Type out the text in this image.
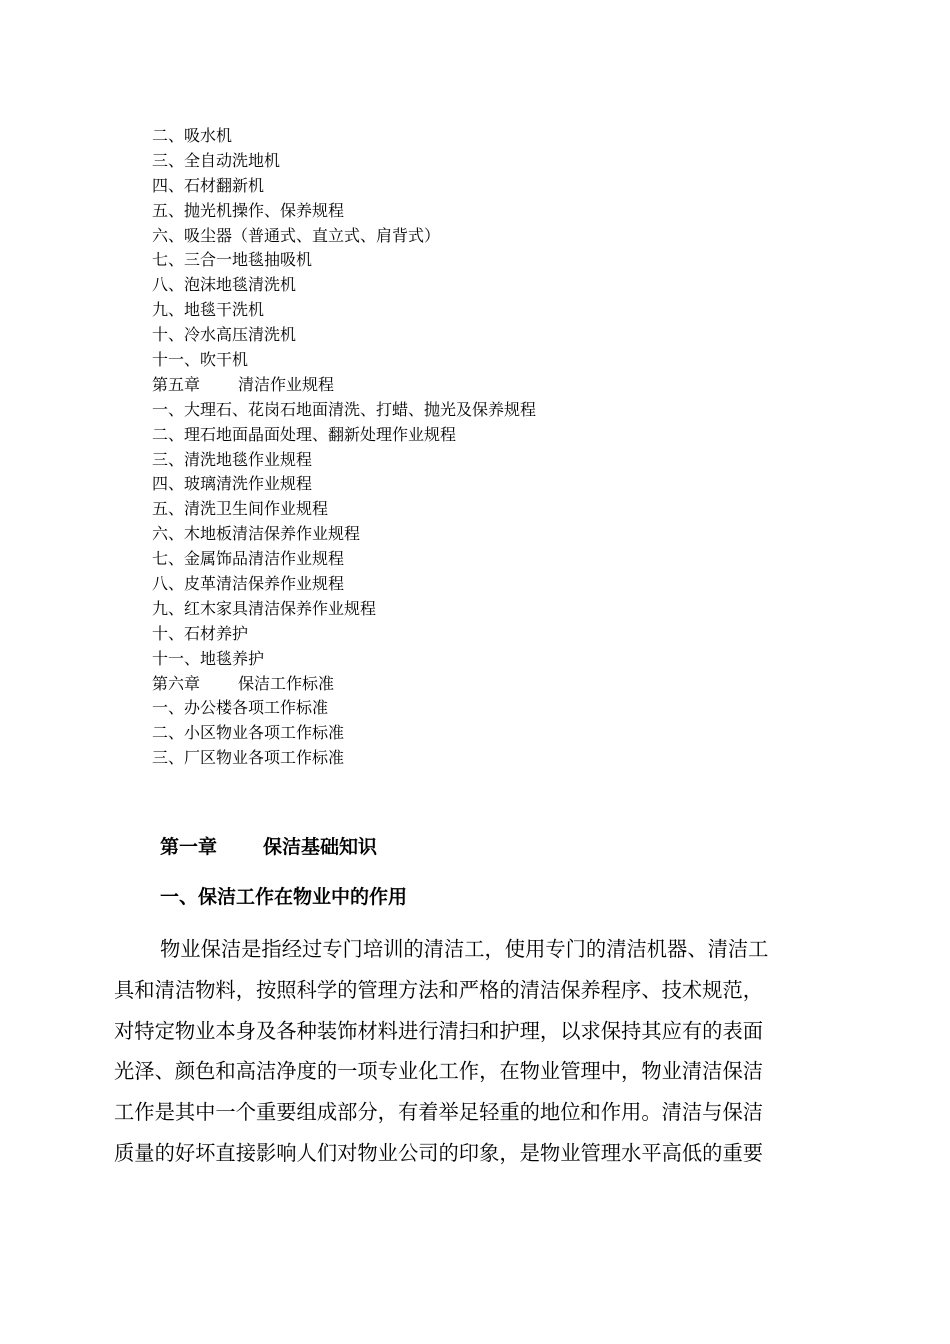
二、吸水机
三、全自动洗地机
四、石材翻新机
五、抛光机操作、保养规程
六、吸尘器（普通式、直立式、肩背式）
七、三合一地毯抽吸机
八、泡沫地毯清洗机
九、地毯干洗机
十、冷水高压清洗机
十一、吹干机
第五章 清洁作业规程
一、大理石、花岗石地面清洗、打蜡、抛光及保养规程
二、理石地面晶面处理、翻新处理作业规程
三、清洗地毯作业规程
四、玻璃清洗作业规程
五、清洗卫生间作业规程
六、木地板清洁保养作业规程
七、金属饰品清洁作业规程
八、皮革清洁保养作业规程
九、红木家具清洁保养作业规程
十、石材养护
十一、地毯养护
第六章 保洁工作标准
一、办公楼各项工作标准
二、小区物业各项工作标准
三、厂区物业各项工作标准
第一章 保洁基础知识
一、保洁工作在物业中的作用
物业保洁是指经过专门培训的清洁工，使用专门的清洁机器、清洁工
具和清洁物料，按照科学的管理方法和严格的清洁保养程序、技术规范，
对特定物业本身及各种装饰材料进行清扫和护理，以求保持其应有的表面
光泽、颜色和高洁净度的一项专业化工作，在物业管理中，物业清洁保洁
工作是其中一个重要组成部分，有着举足轻重的地位和作用。清洁与保洁
质量的好坏直接影响人们对物业公司的印象，是物业管理水平高低的重要
